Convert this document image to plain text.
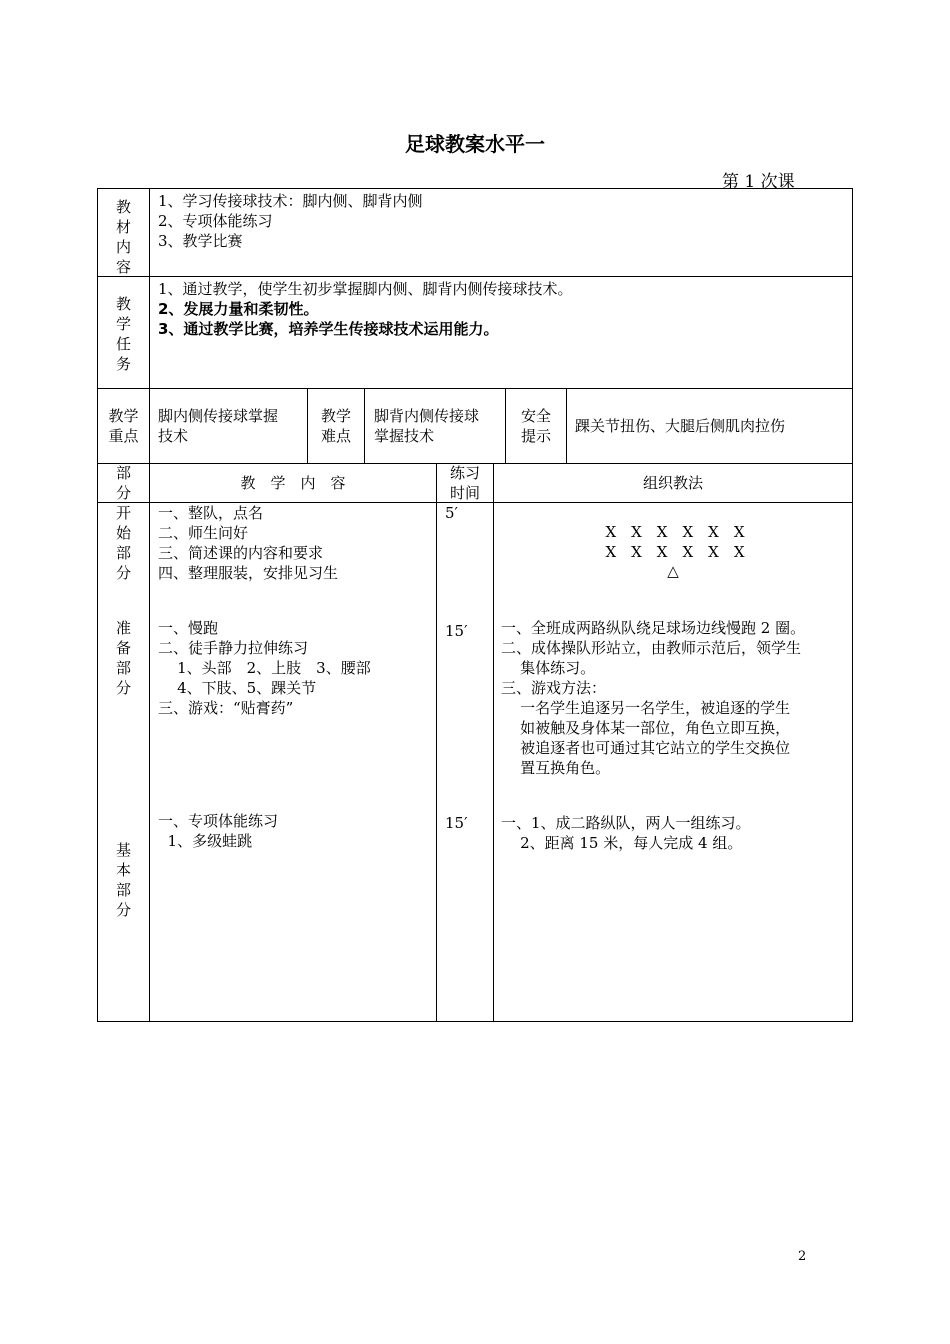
足球教案水平一
第 1 次课
教
材
内
容
1、学习传接球技术：脚内侧、脚背内侧
2、专项体能练习
3、教学比赛
教
学
任
务
1、通过教学，使学生初步掌握脚内侧、脚背内侧传接球技术。
2、发展力量和柔韧性。
3、通过教学比赛，培养学生传接球技术运用能力。
教学
重点
脚内侧传接球掌握
技术
教学
难点
脚背内侧传接球
掌握技术
安全
提示
踝关节扭伤、大腿后侧肌肉拉伤
部
分
教　学　内　容
练习
时间
组织教法
开
始
部
分
一、整队，点名
二、师生问好
三、简述课的内容和要求
四、整理服装，安排见习生
5′
X　X　X　X　X　X
X　X　X　X　X　X
△
准
备
部
分
一、慢跑
二、徒手静力拉伸练习
1、头部　2、上肢　3、腰部
4、下肢、5、踝关节
三、游戏：“贴膏药”
15′	一、全班成两路纵队绕足球场边线慢跑 2 圈。
二、成体操队形站立，由教师示范后，领学生
集体练习。
三、游戏方法：
一名学生追逐另一名学生，被追逐的学生
如被触及身体某一部位，角色立即互换，
被追逐者也可通过其它站立的学生交换位
置互换角色。
一、专项体能练习
1、多级蛙跳
15′	一、1、成二路纵队，两人一组练习。
2、距离 15 米，每人完成 4 组。
基
本
部
分
2
